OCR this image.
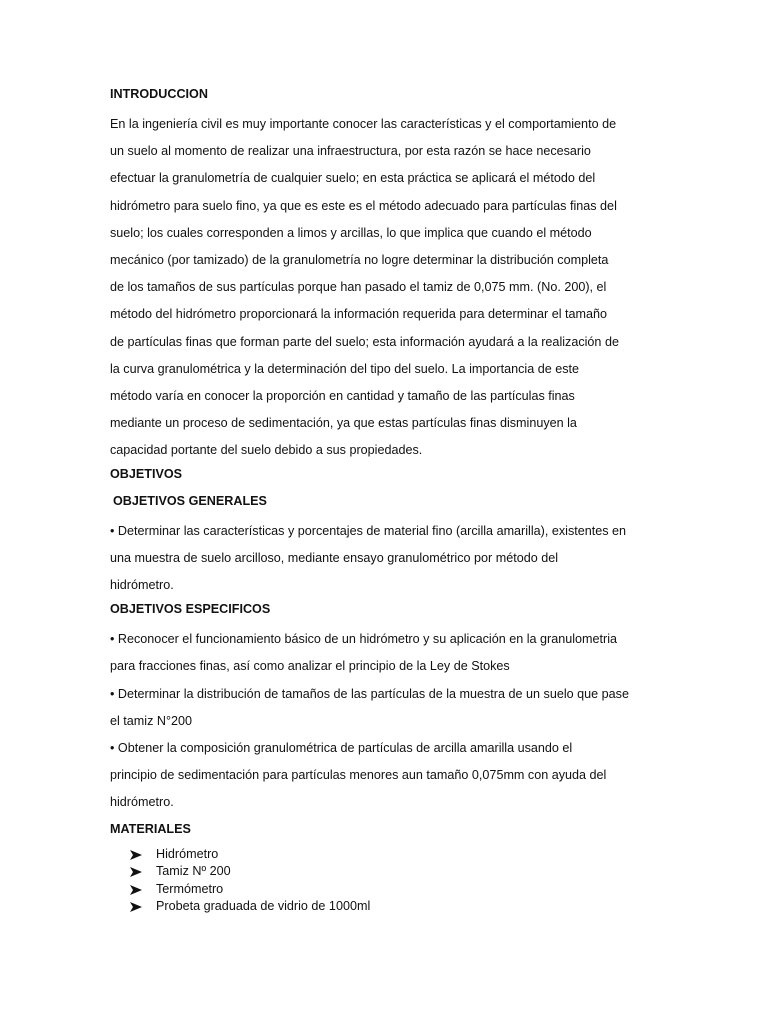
INTRODUCCION
En la ingeniería civil es muy importante conocer las características y el comportamiento de
un suelo al momento de realizar una infraestructura, por esta razón se hace necesario
efectuar la granulometría de cualquier suelo; en esta práctica se aplicará el método del
hidrómetro para suelo fino, ya que es este es el método adecuado para partículas finas del
suelo; los cuales corresponden a limos y arcillas, lo que implica que cuando el método
mecánico (por tamizado) de la granulometría no logre determinar la distribución completa
de los tamaños de sus partículas porque han pasado el tamiz de 0,075 mm. (No. 200), el
método del hidrómetro proporcionará la información requerida para determinar el tamaño
de partículas finas que forman parte del suelo; esta información ayudará a la realización de
la curva granulométrica y la determinación del tipo del suelo. La importancia de este
método varía en conocer la proporción en cantidad y tamaño de las partículas finas
mediante un proceso de sedimentación, ya que estas partículas finas disminuyen la
capacidad portante del suelo debido a sus propiedades.
OBJETIVOS
OBJETIVOS GENERALES
• Determinar las características y porcentajes de material fino (arcilla amarilla), existentes en
una muestra de suelo arcilloso, mediante ensayo granulométrico por método del
hidrómetro.
OBJETIVOS ESPECIFICOS
• Reconocer el funcionamiento básico de un hidrómetro y su aplicación en la granulometria
para fracciones finas, así como analizar el principio de la Ley de Stokes
• Determinar la distribución de tamaños de las partículas de la muestra de un suelo que pase
el tamiz N°200
• Obtener la composición granulométrica de partículas de arcilla amarilla usando el
principio de sedimentación para partículas menores aun tamaño 0,075mm con ayuda del
hidrómetro.
MATERIALES
Hidrómetro
Tamiz Nº 200
Termómetro
Probeta graduada de vidrio de 1000ml
